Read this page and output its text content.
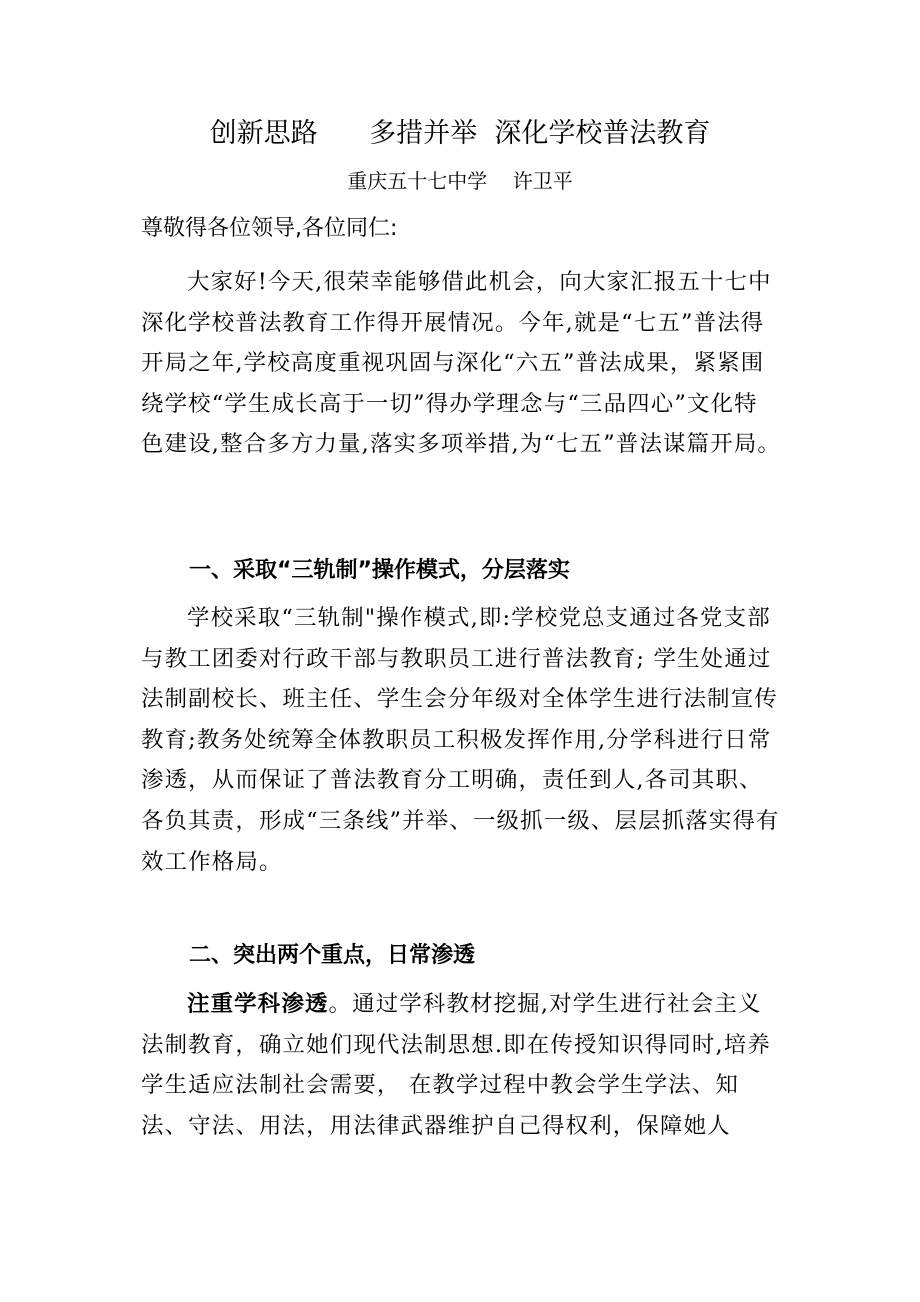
创新思路      多措并举  深化学校普法教育
重庆五十七中学    许卫平
尊敬得各位领导,各位同仁:
大家好!今天,很荣幸能够借此机会，向大家汇报五十七中深化学校普法教育工作得开展情况。今年,就是“七五”普法得开局之年,学校高度重视巩固与深化“六五”普法成果，紧紧围绕学校“学生成长高于一切”得办学理念与“三品四心”文化特色建设,整合多方力量,落实多项举措,为“七五”普法谋篇开局。
一、采取“三轨制”操作模式，分层落实
学校采取“三轨制"操作模式,即:学校党总支通过各党支部与教工团委对行政干部与教职员工进行普法教育; 学生处通过法制副校长、班主任、学生会分年级对全体学生进行法制宣传教育;教务处统筹全体教职员工积极发挥作用,分学科进行日常渗透，从而保证了普法教育分工明确，责任到人,各司其职、各负其责，形成“三条线”并举、一级抓一级、层层抓落实得有效工作格局。
二、突出两个重点，日常渗透
注重学科渗透。通过学科教材挖掘,对学生进行社会主义法制教育，确立她们现代法制思想.即在传授知识得同时,培养学生适应法制社会需要， 在教学过程中教会学生学法、知法、守法、用法，用法律武器维护自己得权利，保障她人
